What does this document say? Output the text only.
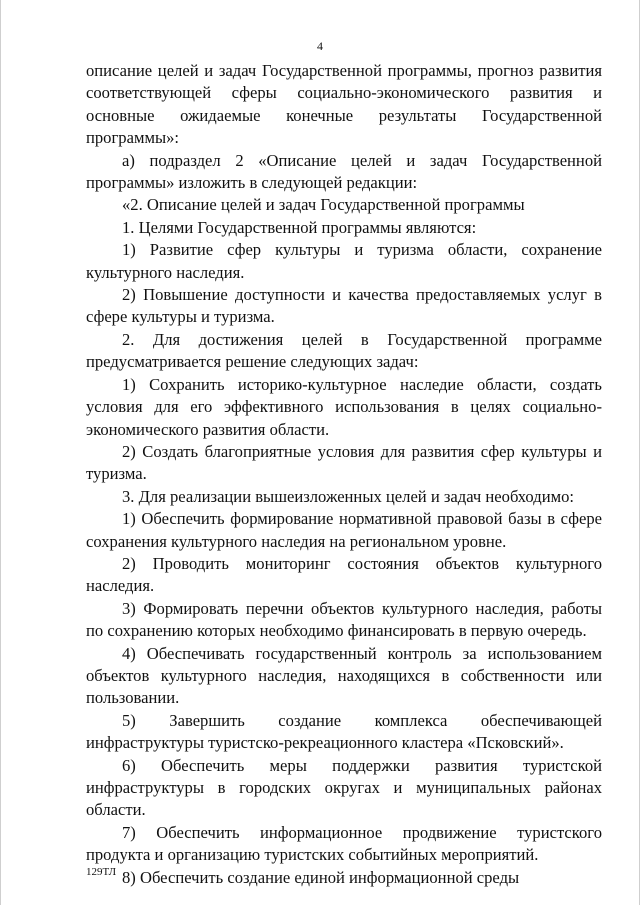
4

описание целей и задач Государственной программы, прогноз развития соответствующей сферы социально-экономического развития и основные ожидаемые конечные результаты Государственной программы»:

а) подраздел 2 «Описание целей и задач Государственной программы» изложить в следующей редакции:

«2. Описание целей и задач Государственной программы

1. Целями Государственной программы являются:

1) Развитие сфер культуры и туризма области, сохранение культурного наследия.

2) Повышение доступности и качества предоставляемых услуг в сфере культуры и туризма.

2. Для достижения целей в Государственной программе предусматривается решение следующих задач:

1) Сохранить историко-культурное наследие области, создать условия для его эффективного использования в целях социально-экономического развития области.

2) Создать благоприятные условия для развития сфер культуры и туризма.

3. Для реализации вышеизложенных целей и задач необходимо:

1) Обеспечить формирование нормативной правовой базы в сфере сохранения культурного наследия на региональном уровне.

2) Проводить мониторинг состояния объектов культурного наследия.

3) Формировать перечни объектов культурного наследия, работы по сохранению которых необходимо финансировать в первую очередь.

4) Обеспечивать государственный контроль за использованием объектов культурного наследия, находящихся в собственности или пользовании.

5) Завершить создание комплекса обеспечивающей инфраструктуры туристско-рекреационного кластера «Псковский».

6) Обеспечить меры поддержки развития туристской инфраструктуры в городских округах и муниципальных районах области.

7) Обеспечить информационное продвижение туристского продукта и организацию туристских событийных мероприятий.

8) Обеспечить создание единой информационной среды

129ТЛ
